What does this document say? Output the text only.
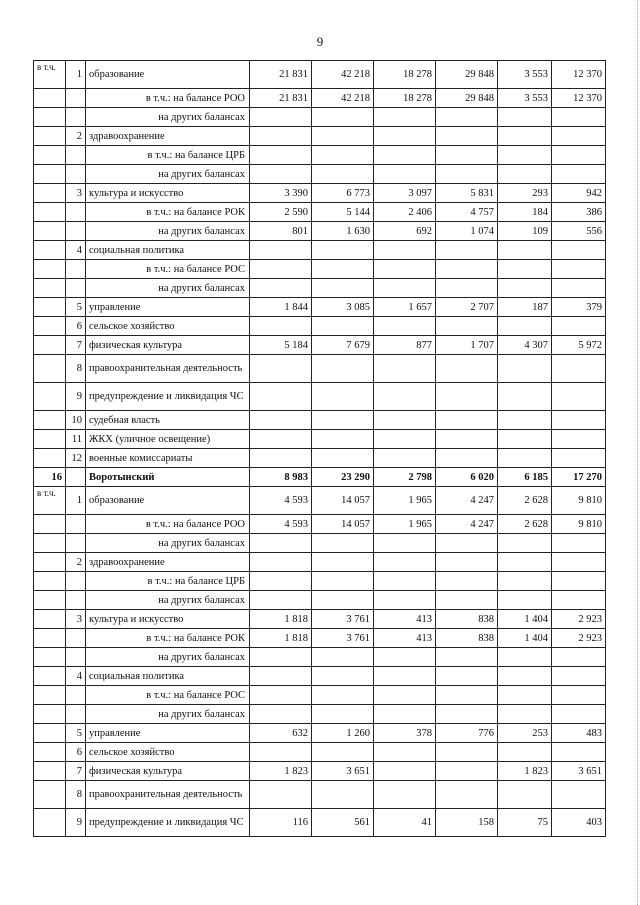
9
в т.ч.	1	образование	21 831	42 218	18 278	29 848	3 553	12 370
		в т.ч.: на балансе РОО	21 831	42 218	18 278	29 848	3 553	12 370
		на других балансах						
	2	здравоохранение						
		в т.ч.: на балансе ЦРБ						
		на других балансах						
	3	культура и искусство	3 390	6 773	3 097	5 831	293	942
		в т.ч.: на балансе РОК	2 590	5 144	2 406	4 757	184	386
		на других балансах	801	1 630	692	1 074	109	556
	4	социальная политика						
		в т.ч.: на балансе РОС						
		на других балансах						
	5	управление	1 844	3 085	1 657	2 707	187	379
	6	сельское хозяйство						
	7	физическая культура	5 184	7 679	877	1 707	4 307	5 972
	8	правоохранительная деятельность						
	9	предупреждение и ликвидация ЧС						
	10	судебная власть						
	11	ЖКХ (уличное освещение)						
	12	военные комиссариаты						
16		Воротынский	8 983	23 290	2 798	6 020	6 185	17 270
в т.ч.	1	образование	4 593	14 057	1 965	4 247	2 628	9 810
		в т.ч.: на балансе РОО	4 593	14 057	1 965	4 247	2 628	9 810
		на других балансах						
	2	здравоохранение						
		в т.ч.: на балансе ЦРБ						
		на других балансах						
	3	культура и искусство	1 818	3 761	413	838	1 404	2 923
		в т.ч.: на балансе РОК	1 818	3 761	413	838	1 404	2 923
		на других балансах						
	4	социальная политика						
		в т.ч.: на балансе РОС						
		на других балансах						
	5	управление	632	1 260	378	776	253	483
	6	сельское хозяйство						
	7	физическая культура	1 823	3 651			1 823	3 651
	8	правоохранительная деятельность						
	9	предупреждение и ликвидация ЧС	116	561	41	158	75	403
